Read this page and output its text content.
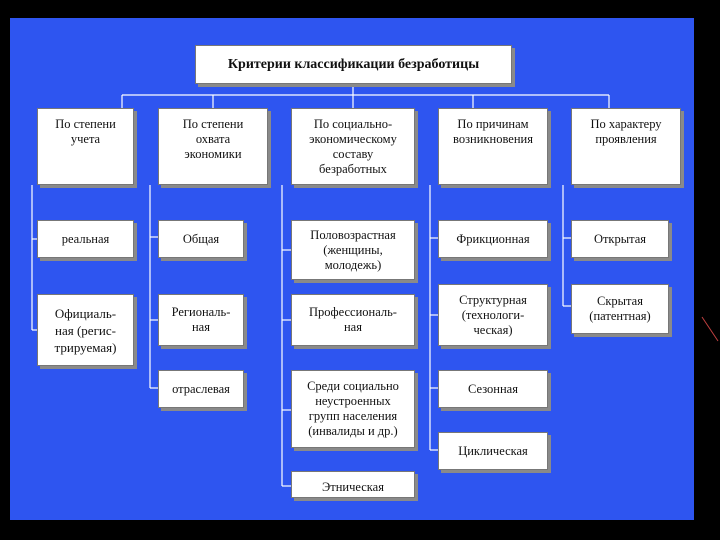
Критерии классификации безработицы
По степени
учета
реальная
Официаль-
ная (регис-
трируемая)
По степени
охвата
экономики
Общая
Региональ-
ная
отраслевая
По социально-
экономическому
составу
безработных
Половозрастная
(женщины,
молодежь)
Профессиональ-
ная
Среди социально
неустроенных
групп населения
(инвалиды и др.)
Этническая
По причинам
возникновения
Фрикционная
Структурная
(технологи-
ческая)
Сезонная
Циклическая
По характеру
проявления
Открытая
Скрытая
(патентная)
